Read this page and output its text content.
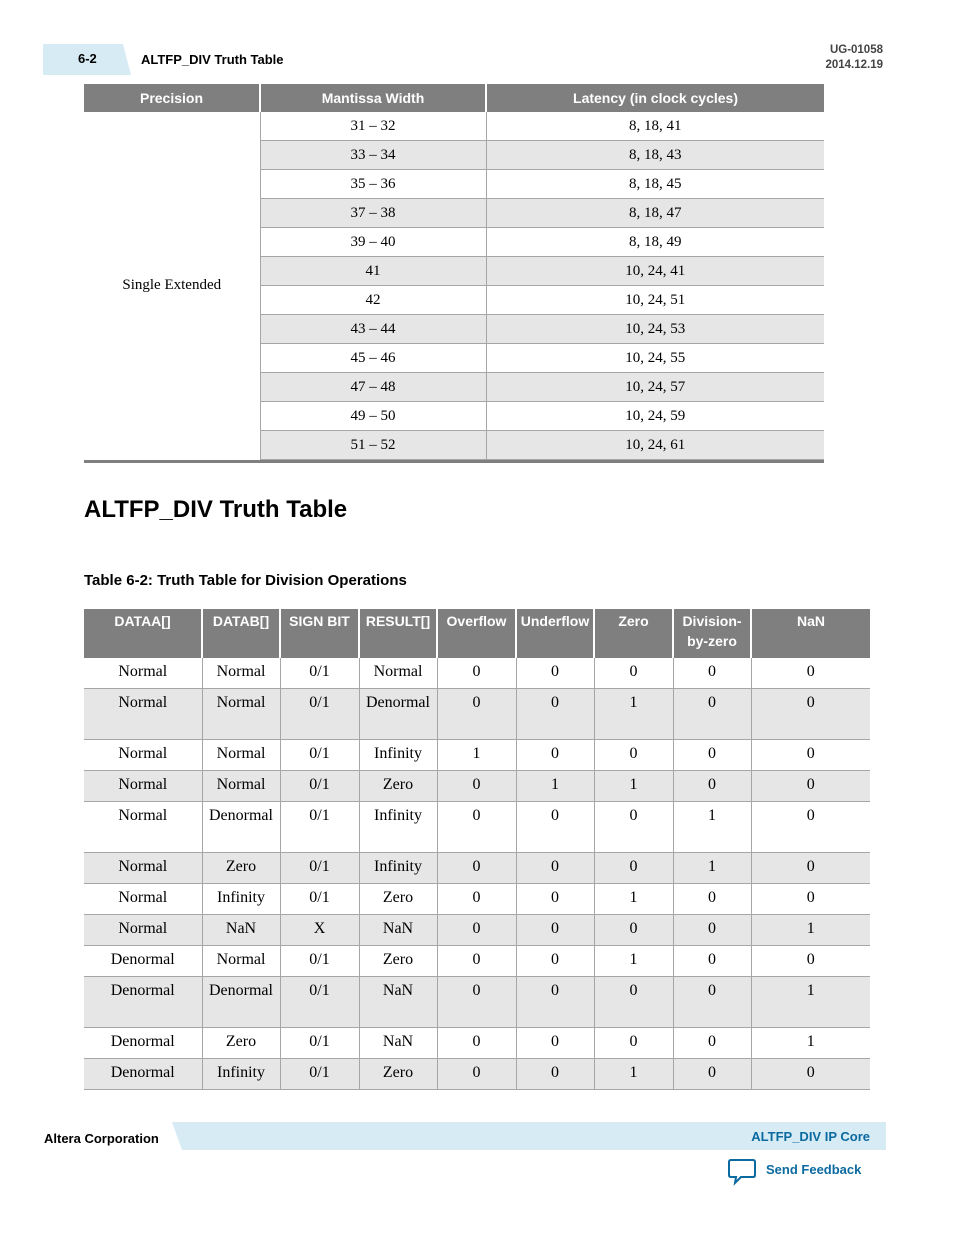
6-2	ALTFP_DIV Truth Table
UG-01058
2014.12.19
Precision	Mantissa Width	Latency (in clock cycles)
Single Extended	31 – 32	8, 18, 41
	33 – 34	8, 18, 43
	35 – 36	8, 18, 45
	37 – 38	8, 18, 47
	39 – 40	8, 18, 49
	41	10, 24, 41
	42	10, 24, 51
	43 – 44	10, 24, 53
	45 – 46	10, 24, 55
	47 – 48	10, 24, 57
	49 – 50	10, 24, 59
	51 – 52	10, 24, 61
ALTFP_DIV Truth Table
Table 6-2: Truth Table for Division Operations
DATAA[]	DATAB[]	SIGN BIT	RESULT[]	Overflow	Underflow	Zero	Division-by-zero	NaN
Normal	Normal	0/1	Normal	0	0	0	0	0
Normal	Normal	0/1	Denormal	0	0	1	0	0
Normal	Normal	0/1	Infinity	1	0	0	0	0
Normal	Normal	0/1	Zero	0	1	1	0	0
Normal	Denormal	0/1	Infinity	0	0	0	1	0
Normal	Zero	0/1	Infinity	0	0	0	1	0
Normal	Infinity	0/1	Zero	0	0	1	0	0
Normal	NaN	X	NaN	0	0	0	0	1
Denormal	Normal	0/1	Zero	0	0	1	0	0
Denormal	Denormal	0/1	NaN	0	0	0	0	1
Denormal	Zero	0/1	NaN	0	0	0	0	1
Denormal	Infinity	0/1	Zero	0	0	1	0	0
Altera Corporation	ALTFP_DIV IP Core
Send Feedback
